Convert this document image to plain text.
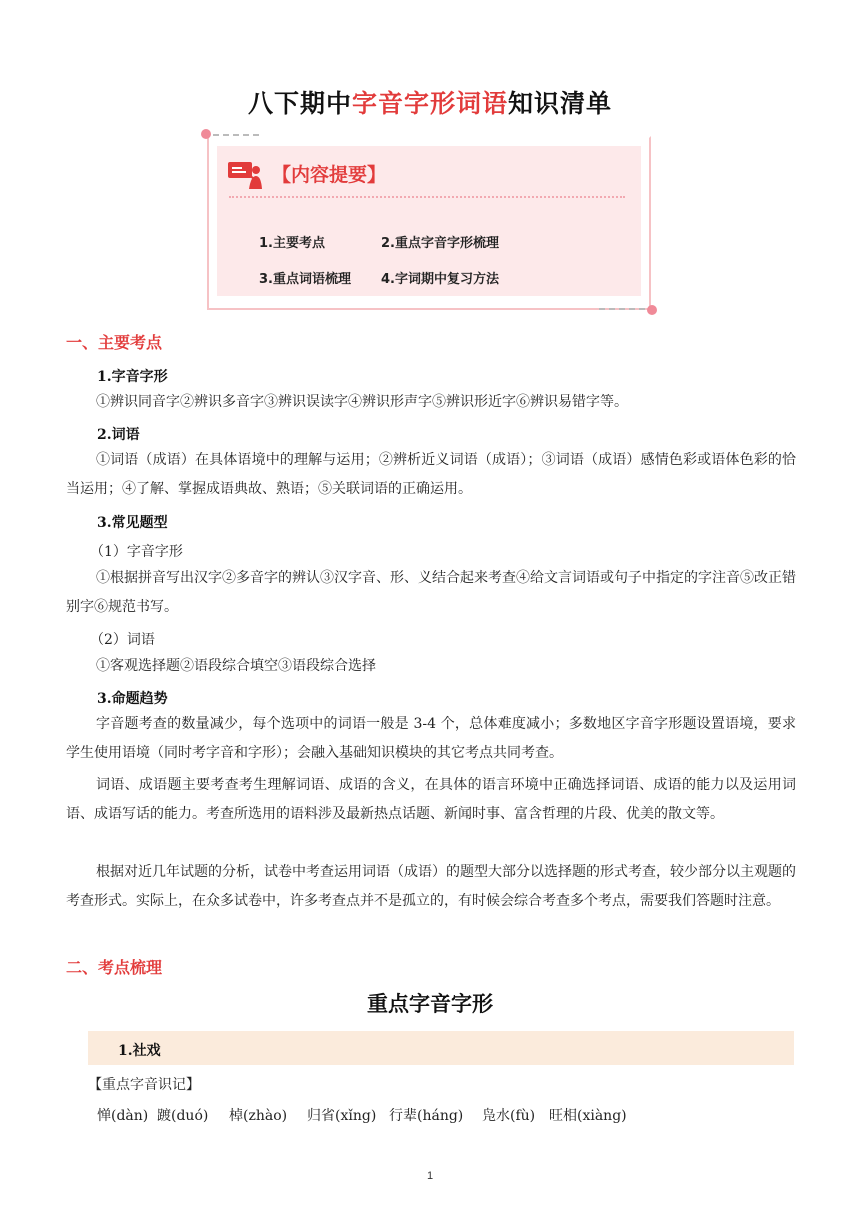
八下期中字音字形词语知识清单
【内容提要】
1.主要考点	2.重点字音字形梳理
3.重点词语梳理 4.字词期中复习方法
一、主要考点
1.字音字形
①辨识同音字②辨识多音字③辨识误读字④辨识形声字⑤辨识形近字⑥辨识易错字等。
2.词语
①词语（成语）在具体语境中的理解与运用；②辨析近义词语（成语）；③词语（成语）感情色彩或语体色彩的恰当运用；④了解、掌握成语典故、熟语；⑤关联词语的正确运用。
3.常见题型
（1）字音字形
①根据拼音写出汉字②多音字的辨认③汉字音、形、义结合起来考查④给文言词语或句子中指定的字注音⑤改正错别字⑥规范书写。
（2）词语
①客观选择题②语段综合填空③语段综合选择
3.命题趋势
字音题考查的数量减少，每个选项中的词语一般是 3-4 个，总体难度减小；多数地区字音字形题设置语境，要求学生使用语境（同时考字音和字形）；会融入基础知识模块的其它考点共同考查。
词语、成语题主要考查考生理解词语、成语的含义，在具体的语言环境中正确选择词语、成语的能力以及运用词语、成语写话的能力。考查所选用的语料涉及最新热点话题、新闻时事、富含哲理的片段、优美的散文等。
根据对近几年试题的分析，试卷中考查运用词语（成语）的题型大部分以选择题的形式考查，较少部分以主观题的考查形式。实际上，在众多试卷中，许多考查点并不是孤立的，有时候会综合考查多个考点，需要我们答题时注意。
二、考点梳理
重点字音字形
1.社戏
【重点字音识记】
惮(dàn) 踱(duó) 棹(zhào) 归省(xǐng) 行辈(háng) 凫水(fù) 旺相(xiàng)
1
